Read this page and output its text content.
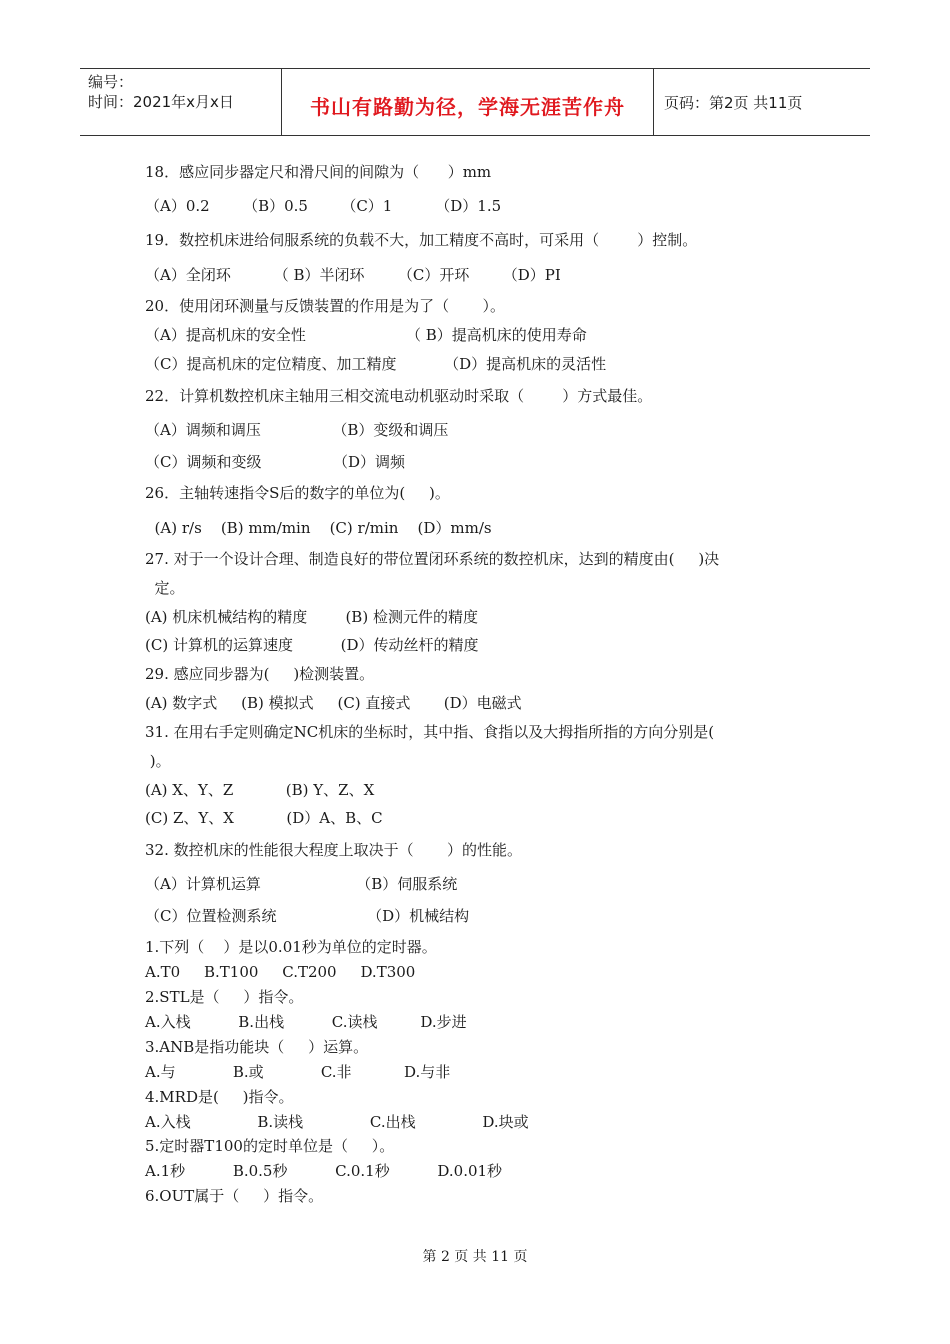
编号：
时间：2021年x月x日	书山有路勤为径，学海无涯苦作舟	页码：第2页 共11页
18．感应同步器定尺和滑尺间的间隙为（      ）mm
（A）0.2       （B）0.5       （C）1         （D）1.5
19．数控机床进给伺服系统的负载不大，加工精度不高时，可采用（        ）控制。
（A）全闭环         （ B）半闭环       （C）开环       （D）PI
20．使用闭环测量与反馈装置的作用是为了（       ）。
（A）提高机床的安全性                     （ B）提高机床的使用寿命
（C）提高机床的定位精度、加工精度          （D）提高机床的灵活性
22．计算机数控机床主轴用三相交流电动机驱动时采取（        ）方式最佳。
（A）调频和调压               （B）变级和调压
（C）调频和变级               （D）调频
26．主轴转速指令S后的数字的单位为(     )。
(A) r/s    (B) mm/min    (C) r/min    (D）mm/s
27. 对于一个设计合理、制造良好的带位置闭环系统的数控机床，达到的精度由(     )决
定。
(A) 机床机械结构的精度        (B) 检测元件的精度
(C) 计算机的运算速度          (D）传动丝杆的精度
29. 感应同步器为(     )检测装置。
(A) 数字式     (B) 模拟式     (C) 直接式       (D）电磁式
31. 在用右手定则确定NC机床的坐标时，其中指、食指以及大拇指所指的方向分别是(
)。
(A) X、Y、Z           (B) Y、Z、X
(C) Z、Y、X           (D）A、B、C
32. 数控机床的性能很大程度上取决于（       ）的性能。
（A）计算机运算                    （B）伺服系统
（C）位置检测系统                   （D）机械结构
1.下列（    ）是以0.01秒为单位的定时器。
A.T0     B.T100     C.T200     D.T300
2.STL是（     ）指令。
A.入栈          B.出栈          C.读栈         D.步进
3.ANB是指功能块（     ）运算。
A.与            B.或            C.非           D.与非
4.MRD是(     )指令。
A.入栈              B.读栈              C.出栈              D.块或
5.定时器T100的定时单位是（     ）。
A.1秒          B.0.5秒          C.0.1秒          D.0.01秒
6.OUT属于（     ）指令。
第 2 页 共 11 页
